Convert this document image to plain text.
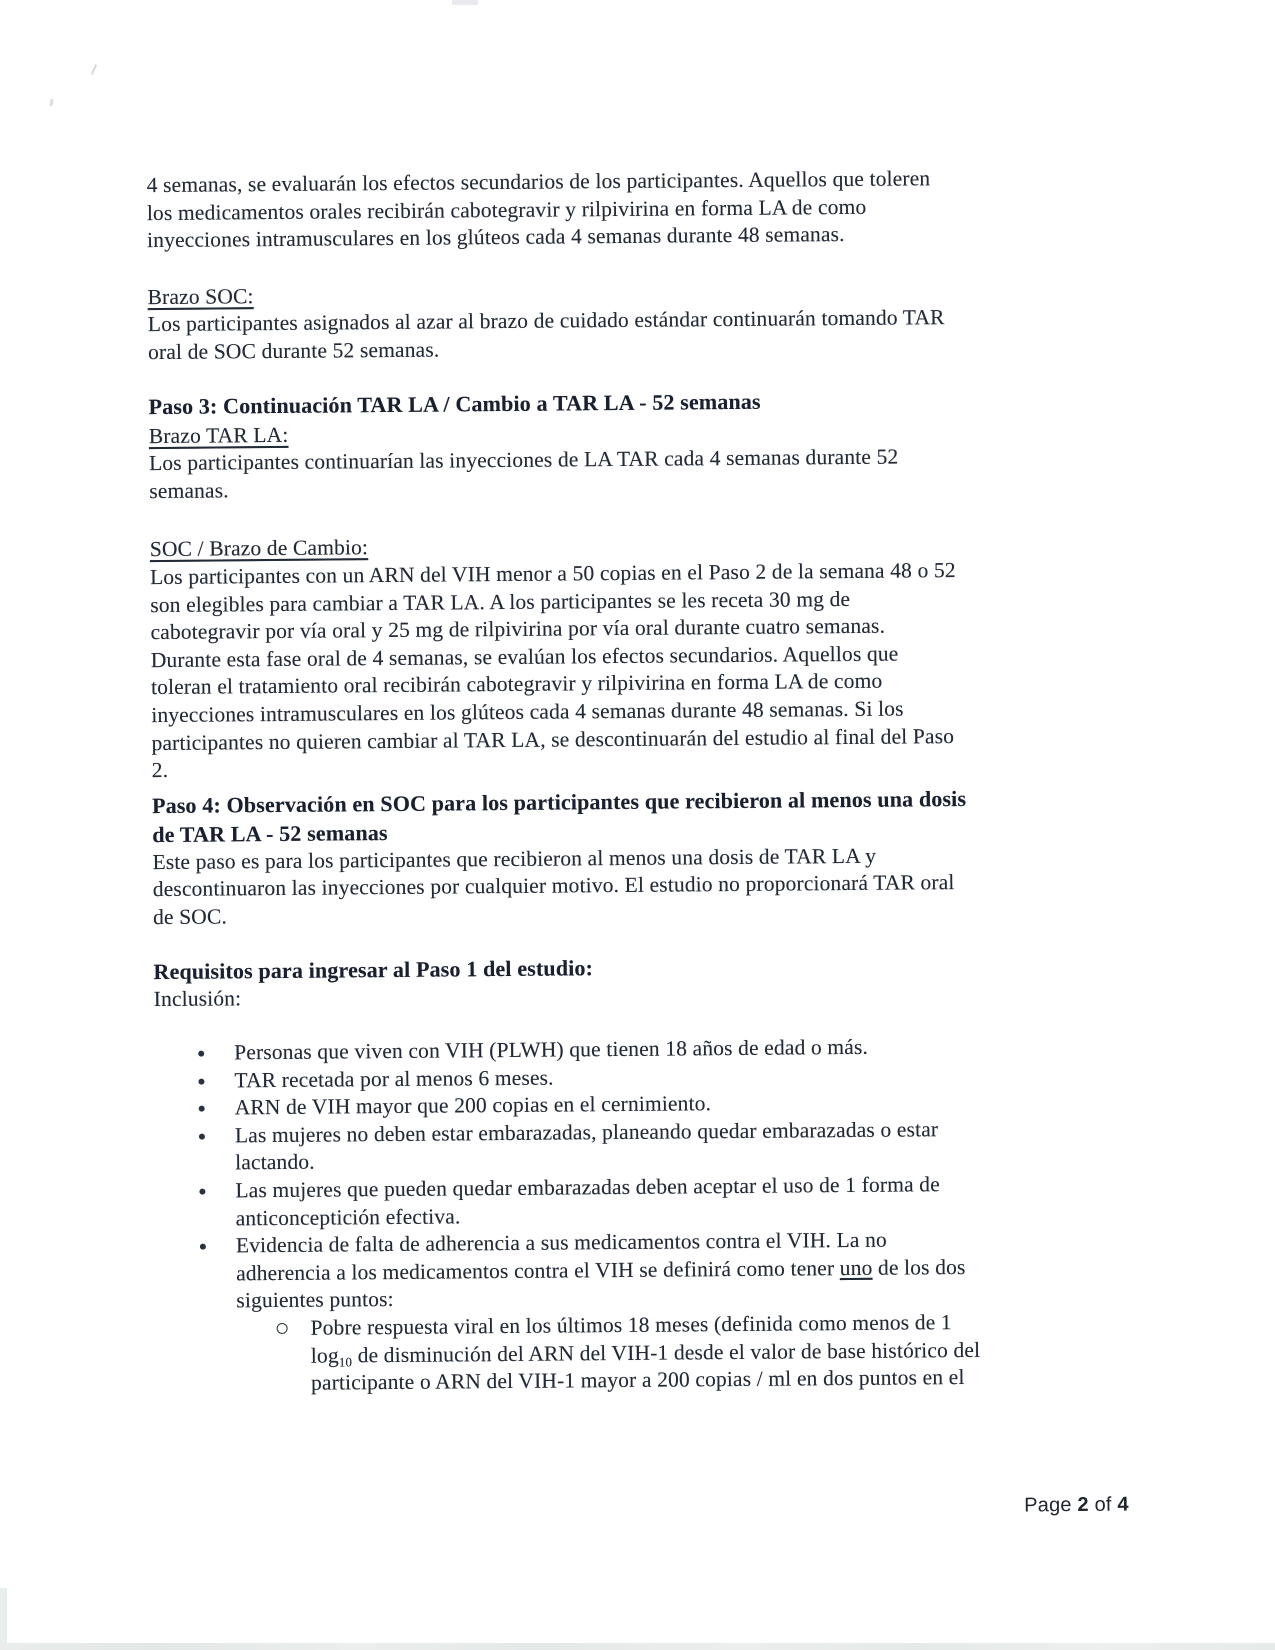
4 semanas, se evaluarán los efectos secundarios de los participantes. Aquellos que toleren
los medicamentos orales recibirán cabotegravir y rilpivirina en forma LA de como
inyecciones intramusculares en los glúteos cada 4 semanas durante 48 semanas.
Brazo SOC:
Los participantes asignados al azar al brazo de cuidado estándar continuarán tomando TAR
oral de SOC durante 52 semanas.
Paso 3: Continuación TAR LA / Cambio a TAR LA - 52 semanas
Brazo TAR LA:
Los participantes continuarían las inyecciones de LA TAR cada 4 semanas durante 52
semanas.
SOC / Brazo de Cambio:
Los participantes con un ARN del VIH menor a 50 copias en el Paso 2 de la semana 48 o 52
son elegibles para cambiar a TAR LA. A los participantes se les receta 30 mg de
cabotegravir por vía oral y 25 mg de rilpivirina por vía oral durante cuatro semanas.
Durante esta fase oral de 4 semanas, se evalúan los efectos secundarios. Aquellos que
toleran el tratamiento oral recibirán cabotegravir y rilpivirina en forma LA de como
inyecciones intramusculares en los glúteos cada 4 semanas durante 48 semanas. Si los
participantes no quieren cambiar al TAR LA, se descontinuarán del estudio al final del Paso
2.
Paso 4: Observación en SOC para los participantes que recibieron al menos una dosis
de TAR LA - 52 semanas
Este paso es para los participantes que recibieron al menos una dosis de TAR LA y
descontinuaron las inyecciones por cualquier motivo. El estudio no proporcionará TAR oral
de SOC.
Requisitos para ingresar al Paso 1 del estudio:
Inclusión:
Personas que viven con VIH (PLWH) que tienen 18 años de edad o más.
TAR recetada por al menos 6 meses.
ARN de VIH mayor que 200 copias en el cernimiento.
Las mujeres no deben estar embarazadas, planeando quedar embarazadas o estar
lactando.
Las mujeres que pueden quedar embarazadas deben aceptar el uso de 1 forma de
anticonceptición efectiva.
Evidencia de falta de adherencia a sus medicamentos contra el VIH. La no
adherencia a los medicamentos contra el VIH se definirá como tener uno de los dos
siguientes puntos:
Pobre respuesta viral en los últimos 18 meses (definida como menos de 1
$\log_{10}$ de disminución del ARN del VIH-1 desde el valor de base histórico del
participante o ARN del VIH-1 mayor a 200 copias / ml en dos puntos en el
Page 2 of 4
